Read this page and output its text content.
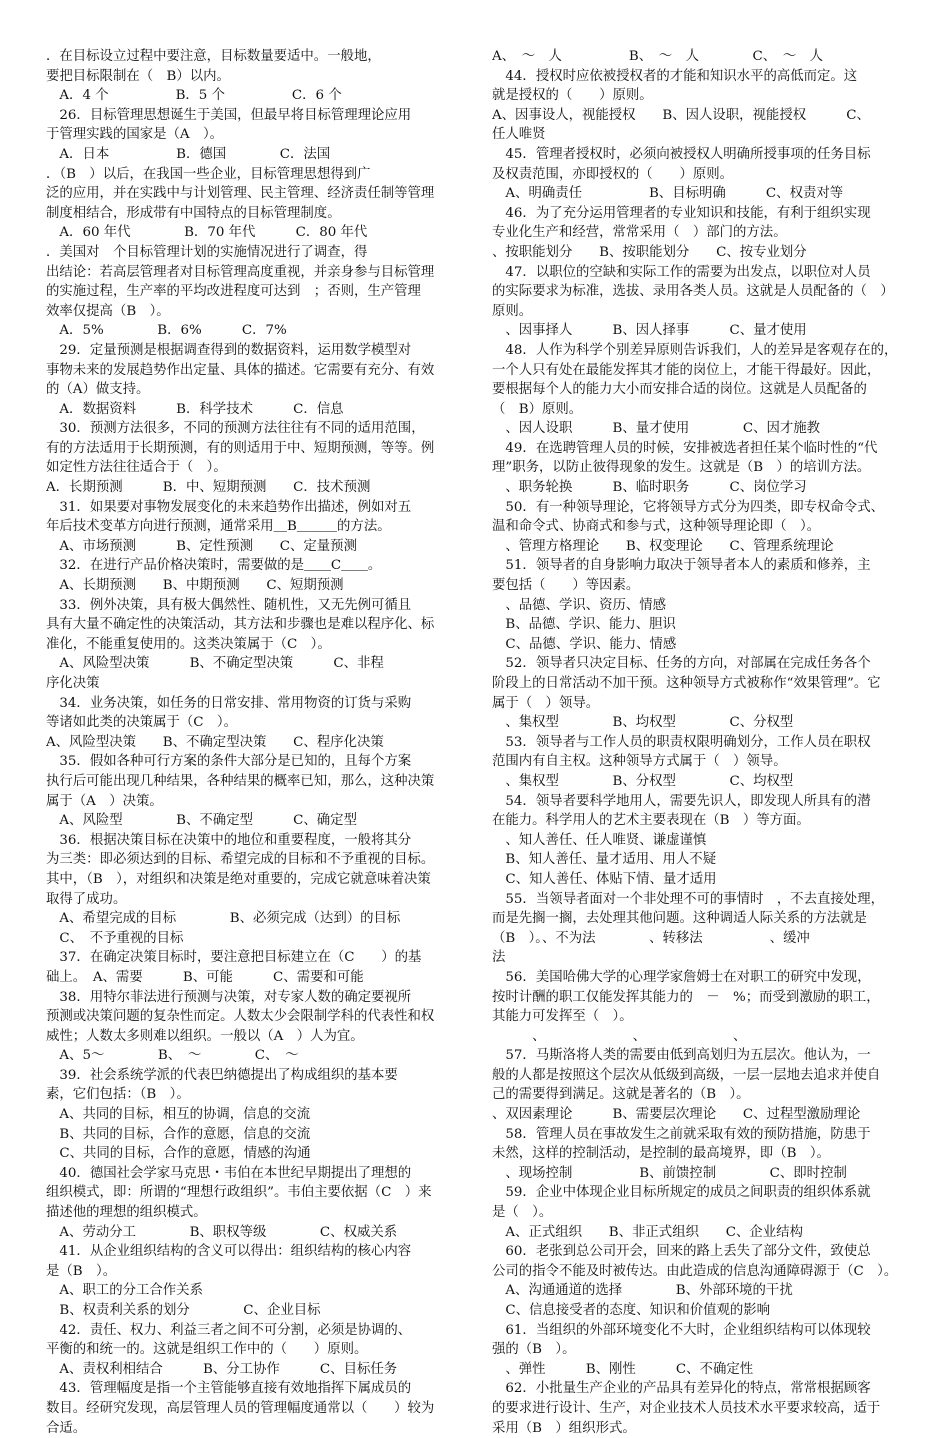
．在目标设立过程中要注意，目标数量要适中。一般地，
要把目标限制在（　B）以内。
　A．4 个　　　　　B．5 个　　　　　C．6 个
　26．目标管理思想诞生于美国，但最早将目标管理理论应用
于管理实践的国家是（A　）。
　A．日本　　　　　B．德国　　　　C．法国
．（B　）以后，在我国一些企业，目标管理思想得到广
泛的应用，并在实践中与计划管理、民主管理、经济责任制等管理
制度相结合，形成带有中国特点的目标管理制度。
　A．60 年代　　　　B．70 年代　　　C．80 年代
．美国对　个目标管理计划的实施情况进行了调查，得
出结论：若高层管理者对目标管理高度重视，并亲身参与目标管理
的实施过程，生产率的平均改进程度可达到　；否则，生产管理
效率仅提高（B　）。
　A．5%　　　　B．6%　　　C．7%
　29．定量预测是根据调查得到的数据资料，运用数学模型对
事物未来的发展趋势作出定量、具体的描述。它需要有充分、有效
的（A）做支持。
　A．数据资料　　　B．科学技术　　　C．信息
　30．预测方法很多，不同的预测方法往往有不同的适用范围，
有的方法适用于长期预测，有的则适用于中、短期预测，等等。例
如定性方法往往适合于（　）。
A．长期预测　　　B．中、短期预测　　C．技术预测
　31．如果要对事物发展变化的未来趋势作出描述，例如对五
年后技术变革方向进行预测，通常采用＿B＿＿＿的方法。
　A、市场预测　　　B、定性预测　　C、定量预测
　32．在进行产品价格决策时，需要做的是＿＿C＿＿。
　A、长期预测　　B、中期预测　　C、短期预测
　33．例外决策，具有极大偶然性、随机性，又无先例可循且
具有大量不确定性的决策活动，其方法和步骤也是难以程序化、标
准化，不能重复使用的。这类决策属于（C　）。
　A、风险型决策　　　B、不确定型决策　　　C、非程
序化决策
　34．业务决策，如任务的日常安排、常用物资的订货与采购
等诸如此类的决策属于（C　）。
A、风险型决策　　B、不确定型决策　　C、程序化决策
　35．假如各种可行方案的条件大部分是已知的，且每个方案
执行后可能出现几种结果，各种结果的概率已知，那么，这种决策
属于（A　）决策。
　A、风险型　　　　B、不确定型　　　C、确定型
　36．根据决策目标在决策中的地位和重要程度，一般将其分
为三类：即必须达到的目标、希望完成的目标和不予重视的目标。
其中，（B　），对组织和决策是绝对重要的，完成它就意味着决策
取得了成功。
　A、希望完成的目标　　　　B、必须完成（达到）的目标
　C、　不予重视的目标
　37．在确定决策目标时，要注意把目标建立在（C　　）的基
础上。　A、需要　　　B、可能　　　C、需要和可能
　38．用特尔菲法进行预测与决策，对专家人数的确定要视所
预测或决策问题的复杂性而定。人数太少会限制学科的代表性和权
威性；人数太多则难以组织。一般以（A　）人为宜。
　A、5～　　　　B、　～　　　　C、　～
　39．社会系统学派的代表巴纳德提出了构成组织的基本要
素，它们包括：（B　）。
　A、共同的目标，相互的协调，信息的交流
　B、共同的目标，合作的意愿，信息的交流
　C、共同的目标，合作的意愿，情感的沟通
　40．德国社会学家马克思・韦伯在本世纪早期提出了理想的
组织模式，即：所谓的“理想行政组织”。韦伯主要依据（C　）来
描述他的理想的组织模式。
　A、劳动分工　　　　B、职权等级　　　　C、权威关系
　41．从企业组织结构的含义可以得出：组织结构的核心内容
是（B　）。
　A、职工的分工合作关系
　B、权责利关系的划分　　　　C、企业目标
　42．责任、权力、利益三者之间不可分割，必须是协调的、
平衡的和统一的。这就是组织工作中的（　　）原则。
　A、责权利相结合　　　B、分工协作　　　C、目标任务
　43．管理幅度是指一个主管能够直接有效地指挥下属成员的
数目。经研究发现，高层管理人员的管理幅度通常以（　　）较为
合适。
A、　～　人　　　　　B、　～　人　　　　C、　～　人
　44．授权时应依被授权者的才能和知识水平的高低而定。这
就是授权的（　　）原则。
A、因事设人，视能授权　　B、因人设职，视能授权　　　C、
任人唯贤
　45．管理者授权时，必须向被授权人明确所授事项的任务目标
及权责范围，亦即授权的（　　）原则。
　A、明确责任　　　　　B、目标明确　　　C、权责对等
　46．为了充分运用管理者的专业知识和技能，有利于组织实现
专业化生产和经营，常常采用（　）部门的方法。
、按职能划分　　B、按职能划分　　C、按专业划分
　47．以职位的空缺和实际工作的需要为出发点，以职位对人员
的实际要求为标准，选拔、录用各类人员。这就是人员配备的（　）
原则。
　、因事择人　　　B、因人择事　　　C、量才使用
　48．人作为科学个别差异原则告诉我们，人的差异是客观存在的，
一个人只有处在最能发挥其才能的岗位上，才能干得最好。因此，
要根据每个人的能力大小而安排合适的岗位。这就是人员配备的
（　B）原则。
　、因人设职　　　B、量才使用　　　　C、因才施教
　49．在选聘管理人员的时候，安排被选者担任某个临时性的“代
理”职务，以防止彼得现象的发生。这就是（B　）的培训方法。
　、职务轮换　　　B、临时职务　　　C、岗位学习
　50．有一种领导理论，它将领导方式分为四类，即专权命令式、
温和命令式、协商式和参与式，这种领导理论即（　）。
　、管理方格理论　　B、权变理论　　C、管理系统理论
　51．领导者的自身影响力取决于领导者本人的素质和修养，主
要包括（　　）等因素。
　、品德、学识、资历、情感
　B、品德、学识、能力、胆识
　C、品德、学识、能力、情感
　52．领导者只决定目标、任务的方向，对部属在完成任务各个
阶段上的日常活动不加干预。这种领导方式被称作“效果管理”。它
属于（　）领导。
　、集权型　　　　B、均权型　　　　C、分权型
　53．领导者与工作人员的职责权限明确划分，工作人员在职权
范围内有自主权。这种领导方式属于（　）领导。
　、集权型　　　　B、分权型　　　　C、均权型
　54．领导者要科学地用人，需要先识人，即发现人所具有的潜
在能力。科学用人的艺术主要表现在（B　）等方面。
　、知人善任、任人唯贤、谦虚谨慎
　B、知人善任、量才适用、用人不疑
　C、知人善任、体贴下情、量才适用
　55．当领导者面对一个非处理不可的事情时　，不去直接处理，
而是先搁一搁，去处理其他问题。这种调适人际关系的方法就是
（B　）。、不为法　　　　、转移法　　　　　、缓冲
法
　56．美国哈佛大学的心理学家詹姆士在对职工的研究中发现，
按时计酬的职工仅能发挥其能力的　－　%；而受到激励的职工，
其能力可发挥至（　）。
　　　、　　　　　　　、　　　　　　　、
　57．马斯洛将人类的需要由低到高划归为五层次。他认为，一
般的人都是按照这个层次从低级到高级，一层一层地去追求并使自
己的需要得到满足。这就是著名的（B　）。
、双因素理论　　　B、需要层次理论　　C、过程型激励理论
　58．管理人员在事故发生之前就采取有效的预防措施，防患于
未然，这样的控制活动，是控制的最高境界，即（B　）。
　、现场控制　　　　　B、前馈控制　　　　C、即时控制
　59．企业中体现企业目标所规定的成员之间职责的组织体系就
是（　）。
　A、正式组织　　B、非正式组织　　C、企业结构
　60．老张到总公司开会，回来的路上丢失了部分文件，致使总
公司的指令不能及时被传达。由此造成的信息沟通障碍源于（C　）。
　A、沟通通道的选择　　　　B、外部环境的干扰
　C、信息接受者的态度、知识和价值观的影响
　61．当组织的外部环境变化不大时，企业组织结构可以体现较
强的（B　）。
　、弹性　　　B、刚性　　　C、不确定性
　62．小批量生产企业的产品具有差异化的特点，常常根据顾客
的要求进行设计、生产，对企业技术人员技术水平要求较高，适于
采用（B　）组织形式。
